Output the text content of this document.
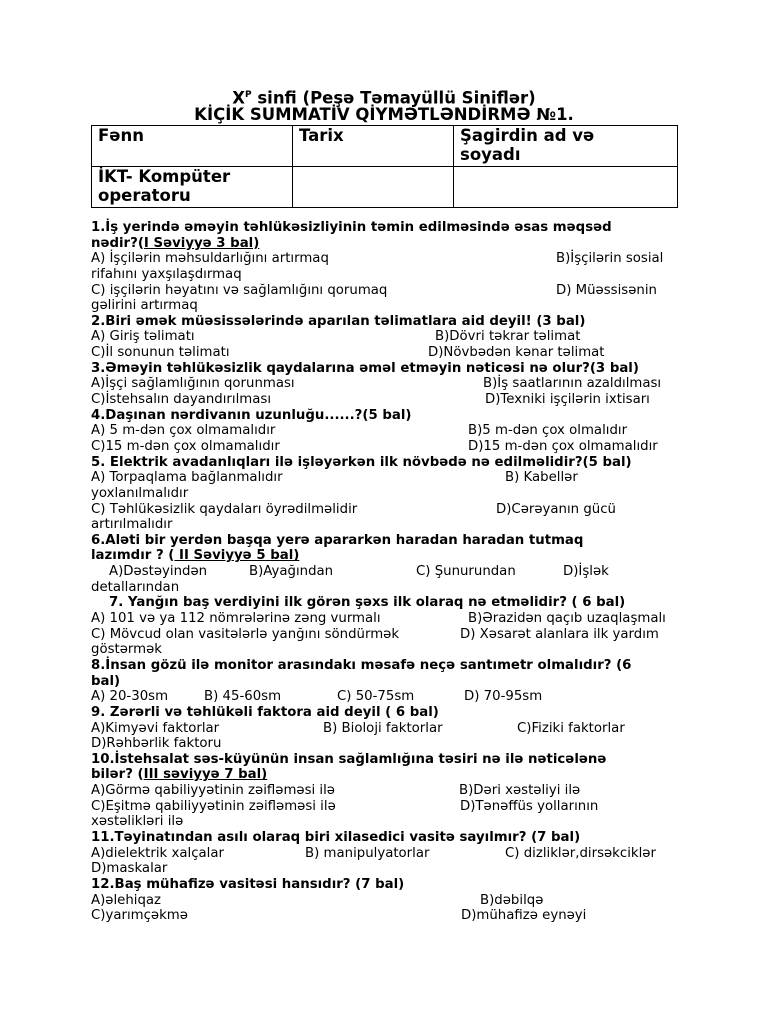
$X^P$ sinfi (Peşə Təmayüllü Siniflər)
KİÇİK SUMMATİV QİYMƏTLƏNDİRMƏ №1.
Fənn	Tarix	Şagirdin ad və
soyadı
İKT- Kompüter
operatoru		
1.İş yerində əməyin təhlükəsizliyinin təmin edilməsində əsas məqsəd
nədir?(I Səviyyə 3 bal)
A) İşçilərin məhsuldarlığını artırmaq	B)İşçilərin sosial
rifahını yaxşılaşdırmaq
C) işçilərin həyatını və sağlamlığını qorumaq	D) Müəssisənin
gəlirini artırmaq
2.Biri əmək müəsissələrində aparılan təlimatlara aid deyil! (3 bal)
A) Giriş təlimatı	B)Dövri təkrar təlimat
C)İl sonunun təlimatı	D)Növbədən kənar təlimat
3.Əməyin təhlükəsizlik qaydalarına əməl etməyin nəticəsi nə olur?(3 bal)
A)İşçi sağlamlığının qorunması	B)İş saatlarının azaldılması
C)İstehsalın dayandırılması	D)Texniki işçilərin ixtisarı
4.Daşınan nərdivanın uzunluğu......?(5 bal)
A) 5 m-dən çox olmamalıdır	B)5 m-dən çox olmalıdır
C)15 m-dən çox olmamalıdır	D)15 m-dən çox olmamalıdır
5. Elektrik avadanlıqları ilə işləyərkən ilk növbədə nə edilməlidir?(5 bal)
A) Torpaqlama bağlanmalıdır	B) Kabellər
yoxlanılmalıdır
C) Təhlükəsizlik qaydaları öyrədilməlidir	D)Cərəyanın gücü
artırılmalıdır
6.Aləti bir yerdən başqa yerə apararkən haradan haradan tutmaq
lazımdır ? ( II Səviyyə 5 bal)
A)Dəstəyindən	B)Ayağından	C) Şunurundan	D)İşlək
detallarından
7. Yanğın baş verdiyini ilk görən şəxs ilk olaraq nə etməlidir? ( 6 bal)
A) 101 və ya 112 nömrələrinə zəng vurmalı	B)Ərazidən qaçıb uzaqlaşmalı
C) Mövcud olan vasitələrlə yanğını söndürmək	D) Xəsarət alanlara ilk yardım
göstərmək
8.İnsan gözü ilə monitor arasındakı məsafə neçə santımetr olmalıdır? (6
bal)
A) 20-30sm	B) 45-60sm	C) 50-75sm	D) 70-95sm
9. Zərərli və təhlükəli faktora aid deyil ( 6 bal)
A)Kimyəvi faktorlar	B) Bioloji faktorlar	C)Fiziki faktorlar
D)Rəhbərlik faktoru
10.İstehsalat səs-küyünün insan sağlamlığına təsiri nə ilə nəticələnə
bilər? (III səviyyə 7 bal)
A)Görmə qabiliyyətinin zəifləməsi ilə	B)Dəri xəstəliyi ilə
C)Eşitmə qabiliyyətinin zəifləməsi ilə	D)Tənəffüs yollarının
xəstəlikləri ilə
11.Təyinatından asılı olaraq biri xilasedici vasitə sayılmır? (7 bal)
A)dielektrik xalçalar	B) manipulyatorlar	C) dizliklər,dirsəkciklər
D)maskalar
12.Baş mühafizə vasitəsi hansıdır? (7 bal)
A)əlehiqaz	B)dəbilqə
C)yarımçəkmə	D)mühafizə eynəyi
